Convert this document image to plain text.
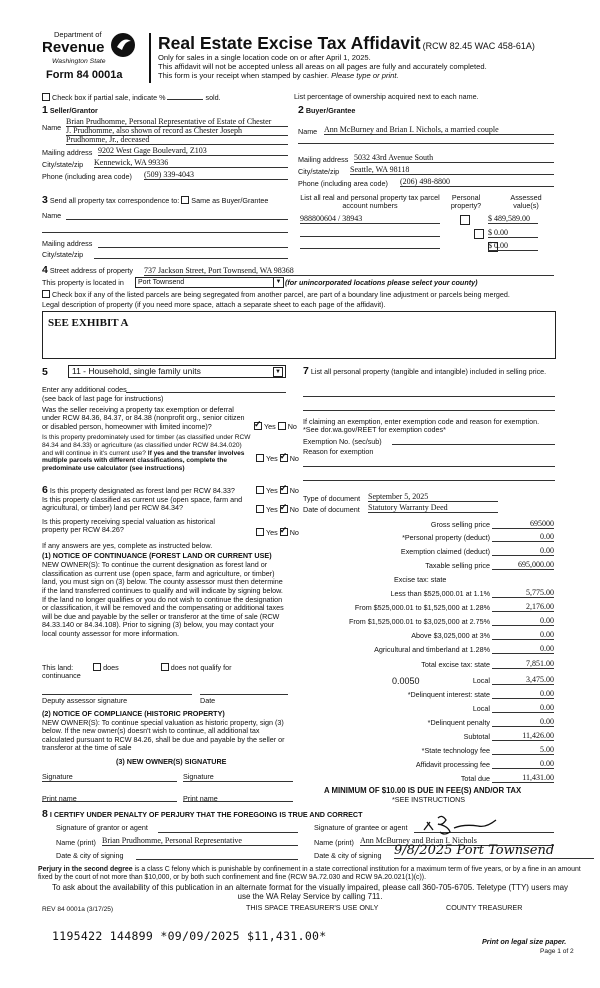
Department of
Revenue
Washington State
Form 84 0001a
Real Estate Excise Tax Affidavit (RCW 82.45 WAC 458-61A)
Only for sales in a single location code on or after April 1, 2025.
This affidavit will not be accepted unless all areas on all pages are fully and accurately completed.
This form is your receipt when stamped by cashier. Please type or print.
Check box if partial sale, indicate %	sold.	List percentage of ownership acquired next to each name.
1 Seller/Grantor
Name
Brian Prudhomme, Personal Representative of Estate of Chester
J. Prudhomme, also shown of record as Chester Joseph
Prudhomme, Jr., deceased
Mailing address 9202 West Gage Boulevard, Z103
City/state/zip Kennewick, WA 99336
Phone (including area code) (509) 339-4043
2 Buyer/Grantee
Name Ann McBurney and Brian I. Nichols, a married couple
Mailing address 5032 43rd Avenue South
City/state/zip Seattle, WA 98118
Phone (including area code) (206) 498-8800
3 Send all property tax correspondence to: Same as Buyer/Grantee
Name
Mailing address
City/state/zip
List all real and personal property tax parcel account numbers
Personal property?
Assessed value(s)
988800604 / 38943
	$ 489,589.00
$ 0.00
$ 0.00
4 Street address of property 737 Jackson Street, Port Townsend, WA 98368
This property is located in	Port Townsend	▼ (for unincorporated locations please select your county)
Check box if any of the listed parcels are being segregated from another parcel, are part of a boundary line adjustment or parcels being merged.
Legal description of property (if you need more space, attach a separate sheet to each page of the affidavit).
SEE EXHIBIT A
5	11 - Household, single family units	▼
Enter any additional codes
(see back of last page for instructions)
Was the seller receiving a property tax exemption or deferral under RCW 84.36, 84.37, or 84.38 (nonprofit org., senior citizen or disabled person, homeowner with limited income)? ✓	Yes No
Is this property predominately used for timber (as classified under RCW 84.34 and 84.33) or agriculture (as classified under RCW 84.34.020) and will continue in it's current use? If yes and the transfer involves multiple parcels with different classifications, complete the predominate use calculator (see instructions)
Yes ✓ No
6 Is this property designated as forest land per RCW 84.33?	Yes ✓ No
Is this property classified as current use (open space, farm and agricultural, or timber) land per RCW 84.34?	Yes ✓ No
Is this property receiving special valuation as historical property per RCW 84.26?	Yes ✓ No
If any answers are yes, complete as instructed below.
(1) NOTICE OF CONTINUANCE (FOREST LAND OR CURRENT USE)
NEW OWNER(S): To continue the current designation as forest land or classification as current use (open space, farm and agriculture, or timber) land, you must sign on (3) below. The county assessor must then determine if the land transferred continues to qualify and will indicate by signing below. If the land no longer qualifies or you do not wish to continue the designation or classification, it will be removed and the compensating or additional taxes will be due and payable by the seller or transferor at the time of sale (RCW 84.33.140 or 84.34.108). Prior to signing (3) below, you may contact your local county assessor for more information.
This land:	does	does not qualify for
continuance
Deputy assessor signature	Date
(2) NOTICE OF COMPLIANCE (HISTORIC PROPERTY)
NEW OWNER(S): To continue special valuation as historic property, sign (3) below. If the new owner(s) doesn't wish to continue, all additional tax calculated pursuant to RCW 84.26, shall be due and payable by the seller or transferor at the time of sale
(3) NEW OWNER(S) SIGNATURE
Signature	Signature
Print name	Print name
7 List all personal property (tangible and intangible) included in selling price.
If claiming an exemption, enter exemption code and reason for exemption. *See dor.wa.gov/REET for exemption codes*
Exemption No. (sec/sub)
Reason for exemption
Type of document September 5, 2025
Date of document Statutory Warranty Deed
Gross selling price	695000
*Personal property (deduct)	0.00
Exemption claimed (deduct)	0.00
Taxable selling price	695,000.00
Excise tax: state
Less than $525,000.01 at 1.1%	5,775.00
From $525,000.01 to $1,525,000 at 1.28%	2,176.00
From $1,525,000.01 to $3,025,000 at 2.75%	0.00
Above $3,025,000 at 3%	0.00
Agricultural and timberland at 1.28%	0.00
Total excise tax: state	7,851.00
0.0050	Local	3,475.00
*Delinquent interest: state	0.00
Local	0.00
*Delinquent penalty	0.00
Subtotal	11,426.00
*State technology fee	5.00
Affidavit processing fee	0.00
Total due	11,431.00
A MINIMUM OF $10.00 IS DUE IN FEE(S) AND/OR TAX
*SEE INSTRUCTIONS
8 I CERTIFY UNDER PENALTY OF PERJURY THAT THE FOREGOING IS TRUE AND CORRECT
Signature of grantor or agent
Name (print) Brian Prudhomme, Personal Representative
Date & city of signing
Signature of grantee or agent
Name (print) Ann McBurney and Brian I. Nichols
Date & city of signing 9/8/2025 Port Townsend
Perjury in the second degree is a class C felony which is punishable by confinement in a state correctional institution for a maximum term of five years, or by a fine in an amount fixed by the court of not more than $10,000, or by both such confinement and fine (RCW 9A.72.030 and RCW 9A.20.021(1)(c)).
To ask about the availability of this publication in an alternate format for the visually impaired, please call 360-705-6705. Teletype (TTY) users may use the WA Relay Service by calling 711.
REV 84 0001a (3/17/25)	THIS SPACE TREASURER'S USE ONLY	COUNTY TREASURER
1195422 144899 *09/09/2025 $11,431.00*	Print on legal size paper.
Page 1 of 2
